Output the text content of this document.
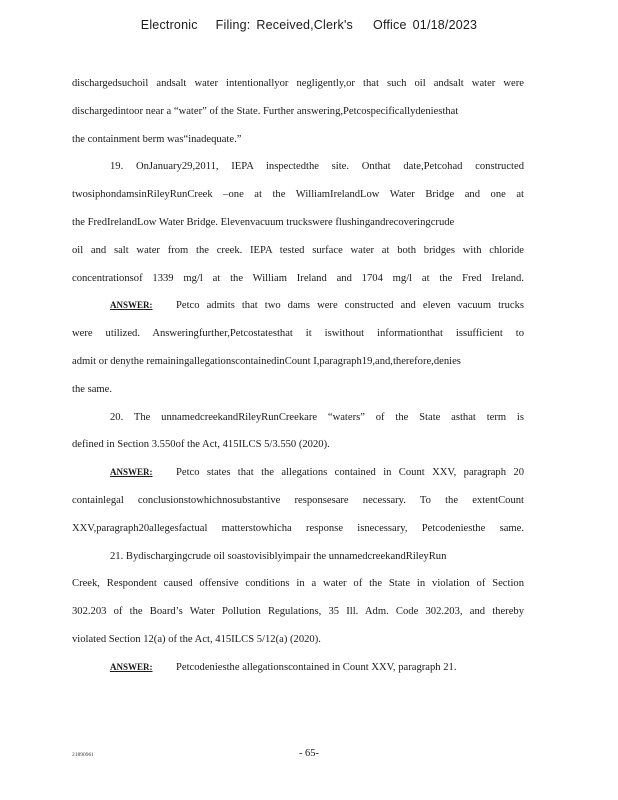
Electronic Filing: Received,Clerk's Office 01/18/2023
dischargedsuchoil andsalt water intentionallyor negligently,or that such oil andsalt water were
dischargedintoor near a “water” of the State. Further answering,Petcospecificallydeniesthat
the containment berm was“inadequate.”
19. OnJanuary29,2011, IEPA inspectedthe site. Onthat date,Petcohad constructed
twosiphondamsinRileyRunCreek –one at the WilliamIrelandLow Water Bridge and one at
the FredIrelandLow Water Bridge. Elevenvacuum truckswere flushingandrecoveringcrude
oil and salt water from the creek. IEPA tested surface water at both bridges with chloride
concentrationsof 1339 mg/l at the William Ireland and 1704 mg/l at the Fred Ireland.
ANSWER: Petco admits that two dams were constructed and eleven vacuum trucks
were utilized. Answeringfurther,Petcostatesthat it iswithout informationthat issufficient to
admit or denythe remainingallegationscontainedinCount I,paragraph19,and,therefore,denies
the same.
20. The unnamedcreekandRileyRunCreekare “waters” of the State asthat term is
defined in Section 3.550of the Act, 415ILCS 5/3.550 (2020).
ANSWER: Petco states that the allegations contained in Count XXV, paragraph 20
containlegal conclusionstowhichnosubstantive responsesare necessary. To the extentCount
XXV,paragraph20allegesfactual matterstowhicha response isnecessary, Petcodeniesthe same.
21. Bydischargingcrude oil soastovisiblyimpair the unnamedcreekandRileyRun
Creek, Respondent caused offensive conditions in a water of the State in violation of Section
302.203 of the Board’s Water Pollution Regulations, 35 Ill. Adm. Code 302.203, and thereby
violated Section 12(a) of the Act, 415ILCS 5/12(a) (2020).
ANSWER: Petcodeniesthe allegationscontained in Count XXV, paragraph 21.
21890961	- 65-
